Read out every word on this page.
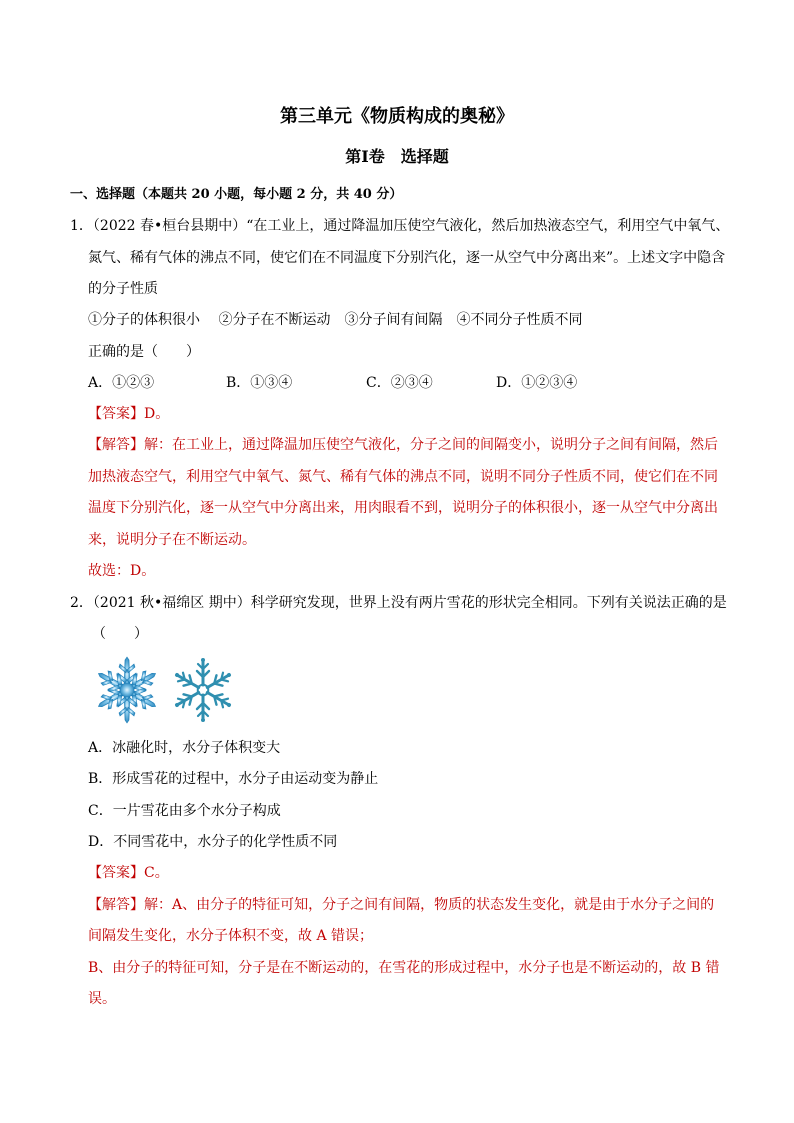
第三单元《物质构成的奥秘》
第Ⅰ卷　选择题
一、选择题（本题共 20 小题，每小题 2 分，共 40 分）
1．（2022 春•桓台县期中）“在工业上，通过降温加压使空气液化，然后加热液态空气，利用空气中氧气、
氮气、稀有气体的沸点不同，使它们在不同温度下分别汽化，逐一从空气中分离出来”。上述文字中隐含
的分子性质
①分子的体积很小　 ②分子在不断运动　③分子间有间隔　④不同分子性质不同
正确的是（　　）
A．①②③	B．①③④	C．②③④	D．①②③④
【答案】D。
【解答】解：在工业上，通过降温加压使空气液化，分子之间的间隔变小，说明分子之间有间隔，然后
加热液态空气，利用空气中氧气、氮气、稀有气体的沸点不同，说明不同分子性质不同，使它们在不同
温度下分别汽化，逐一从空气中分离出来，用肉眼看不到，说明分子的体积很小，逐一从空气中分离出
来，说明分子在不断运动。
故选：D。
2．（2021 秋•福绵区 期中）科学研究发现，世界上没有两片雪花的形状完全相同。下列有关说法正确的是
（　　）
A．冰融化时，水分子体积变大
B．形成雪花的过程中，水分子由运动变为静止
C．一片雪花由多个水分子构成
D．不同雪花中，水分子的化学性质不同
【答案】C。
【解答】解：A、由分子的特征可知，分子之间有间隔，物质的状态发生变化，就是由于水分子之间的
间隔发生变化，水分子体积不变，故 A 错误；
B、由分子的特征可知，分子是在不断运动的，在雪花的形成过程中，水分子也是不断运动的，故 B 错
误。
